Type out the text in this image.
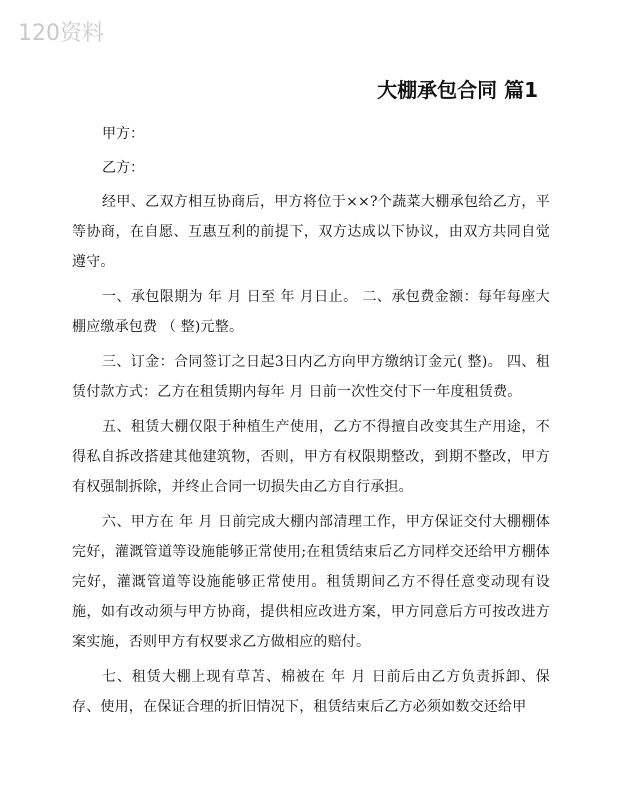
120资料
大棚承包合同 篇1

甲方：

乙方：

经甲、乙双方相互协商后，甲方将位于××?个蔬菜大棚承包给乙方，平等协商，在自愿、互惠互利的前提下，双方达成以下协议，由双方共同自觉遵守。

一、承包限期为 年 月 日至 年 月日止。 二、承包费金额：每年每座大棚应缴承包费 （ 整)元整。

三、订金：合同签订之日起3日内乙方向甲方缴纳订金元( 整)。 四、租赁付款方式：乙方在租赁期内每年 月 日前一次性交付下一年度租赁费。

五、租赁大棚仅限于种植生产使用，乙方不得擅自改变其生产用途，不得私自拆改搭建其他建筑物，否则，甲方有权限期整改，到期不整改，甲方有权强制拆除，并终止合同一切损失由乙方自行承担。

六、甲方在 年 月 日前完成大棚内部清理工作，甲方保证交付大棚棚体完好，灌溉管道等设施能够正常使用;在租赁结束后乙方同样交还给甲方棚体完好，灌溉管道等设施能够正常使用。租赁期间乙方不得任意变动现有设施，如有改动须与甲方协商，提供相应改进方案，甲方同意后方可按改进方案实施，否则甲方有权要求乙方做相应的赔付。

七、租赁大棚上现有草苫、棉被在 年 月 日前后由乙方负责拆卸、保存、使用，在保证合理的折旧情况下，租赁结束后乙方必须如数交还给甲
